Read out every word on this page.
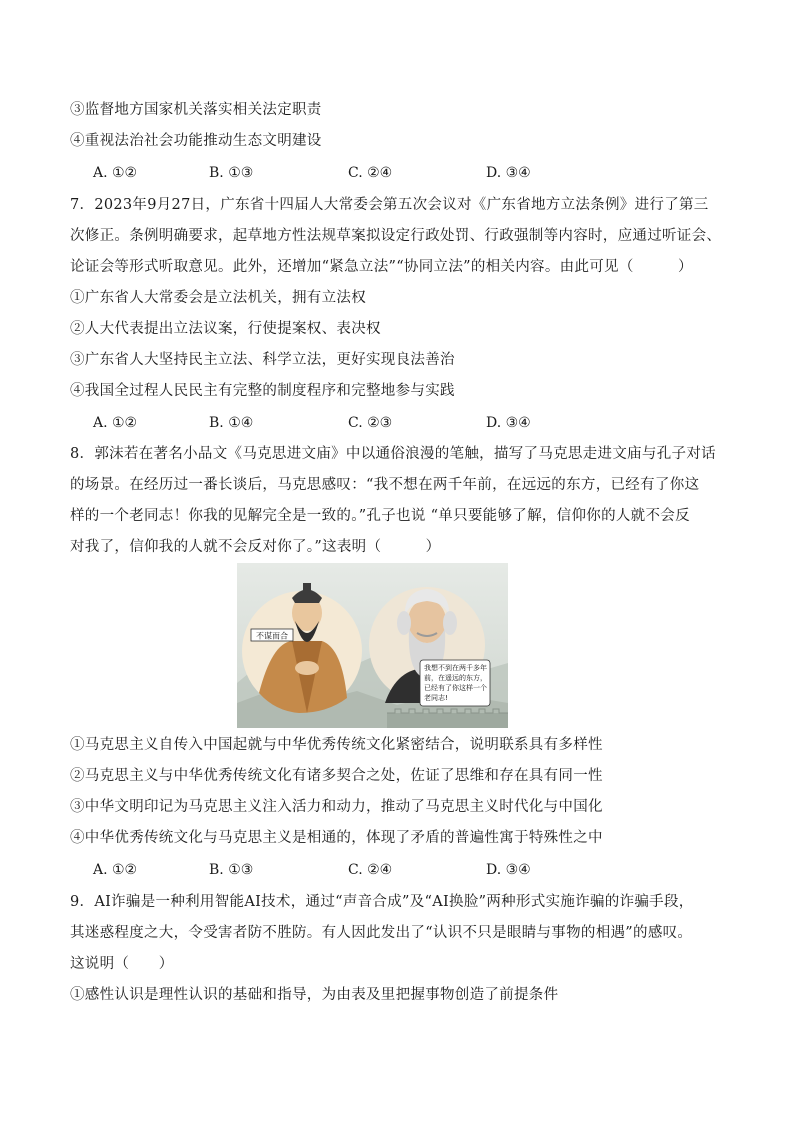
③监督地方国家机关落实相关法定职责
④重视法治社会功能推动生态文明建设
A. ①②	B. ①③	C. ②④	D. ③④
7．2023年9月27日，广东省十四届人大常委会第五次会议对《广东省地方立法条例》进行了第三
次修正。条例明确要求，起草地方性法规草案拟设定行政处罚、行政强制等内容时，应通过听证会、
论证会等形式听取意见。此外，还增加“紧急立法”“协同立法”的相关内容。由此可见（　　　）
①广东省人大常委会是立法机关，拥有立法权
②人大代表提出立法议案，行使提案权、表决权
③广东省人大坚持民主立法、科学立法，更好实现良法善治
④我国全过程人民民主有完整的制度程序和完整地参与实践
A. ①②	B. ①④	C. ②③	D. ③④
8．郭沫若在著名小品文《马克思进文庙》中以通俗浪漫的笔触，描写了马克思走进文庙与孔子对话
的场景。在经历过一番长谈后，马克思感叹：“我不想在两千年前，在远远的东方，已经有了你这
样的一个老同志！你我的见解完全是一致的。”孔子也说 “单只要能够了解，信仰你的人就不会反
对我了，信仰我的人就不会反对你了。”这表明（　　　）
不谋而合
我想不到在两千多年
前，在遥远的东方，
已经有了你这样一个
老同志!
①马克思主义自传入中国起就与中华优秀传统文化紧密结合，说明联系具有多样性
②马克思主义与中华优秀传统文化有诸多契合之处，佐证了思维和存在具有同一性
③中华文明印记为马克思主义注入活力和动力，推动了马克思主义时代化与中国化
④中华优秀传统文化与马克思主义是相通的，体现了矛盾的普遍性寓于特殊性之中
A. ①②	B. ①③	C. ②④	D. ③④
9．AI诈骗是一种利用智能AI技术，通过“声音合成”及“AI换脸”两种形式实施诈骗的诈骗手段，
其迷惑程度之大，令受害者防不胜防。有人因此发出了“认识不只是眼睛与事物的相遇”的感叹。
这说明（　　）
①感性认识是理性认识的基础和指导，为由表及里把握事物创造了前提条件
